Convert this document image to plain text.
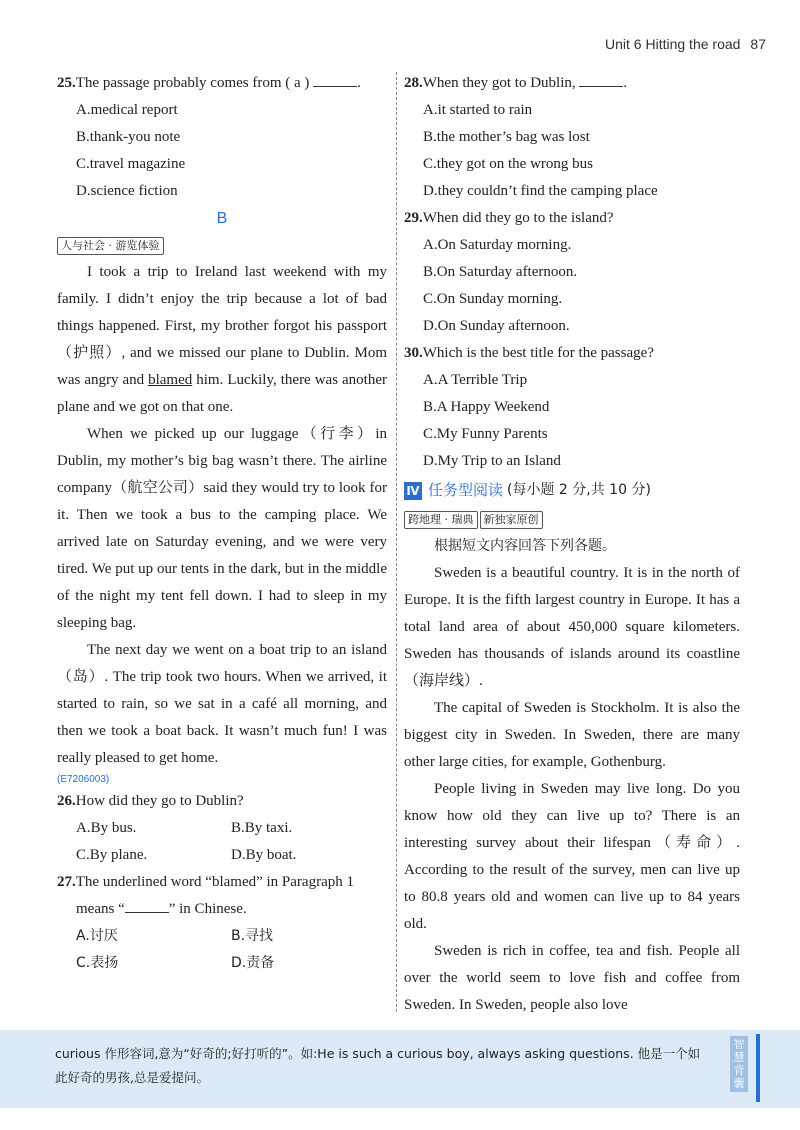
Unit 6 Hitting the road 87

25.The passage probably comes from ( a )	.

A.medical report

B.thank-you note

C.travel magazine

D.science fiction

B

人与社会 · 游览体验

I took a trip to Ireland last weekend with my family. I didn’t enjoy the trip because a lot of bad things happened. First, my brother forgot his passport（护照）, and we missed our plane to Dublin. Mom was angry and blamed him. Luckily, there was another plane and we got on that one.

When we picked up our luggage（行李）in Dublin, my mother’s big bag wasn’t there. The airline company（航空公司）said they would try to look for it. Then we took a bus to the camping place. We arrived late on Saturday evening, and we were very tired. We put up our tents in the dark, but in the middle of the night my tent fell down. I had to sleep in my sleeping bag.

The next day we went on a boat trip to an island（岛）. The trip took two hours. When we arrived, it started to rain, so we sat in a café all morning, and then we took a boat back. It wasn’t much fun! I was really pleased to get home.

(E7206003)

26.How did they go to Dublin?

A.By bus.	B.By taxi.
C.By plane.	D.By boat.

27.The underlined word “blamed” in Paragraph 1

means “	” in Chinese.

A.讨厌	B.寻找
C.表扬	D.责备

28.When they got to Dublin,	.

A.it started to rain

B.the mother’s bag was lost

C.they got on the wrong bus

D.they couldn’t find the camping place

29.When did they go to the island?

A.On Saturday morning.

B.On Saturday afternoon.

C.On Sunday morning.

D.On Sunday afternoon.

30.Which is the best title for the passage?

A.A Terrible Trip

B.A Happy Weekend

C.My Funny Parents

D.My Trip to an Island

Ⅳ 任务型阅读 (每小题 2 分,共 10 分)
跨地理 · 瑞典 新独家原创

根据短文内容回答下列各题。

Sweden is a beautiful country. It is in the north of Europe. It is the fifth largest country in Europe. It has a total land area of about 450,000 square kilometers. Sweden has thousands of islands around its coastline（海岸线）.

The capital of Sweden is Stockholm. It is also the biggest city in Sweden. In Sweden, there are many other large cities, for example, Gothenburg.

People living in Sweden may live long. Do you know how old they can live up to? There is an interesting survey about their lifespan（寿命）. According to the result of the survey, men can live up to 80.8 years old and women can live up to 84 years old.

Sweden is rich in coffee, tea and fish. People all over the world seem to love fish and coffee from Sweden. In Sweden, people also love

curious 作形容词,意为“好奇的;好打听的”。如:He is such a curious boy, always asking questions. 他是一个如此好奇的男孩,总是爱提问。
智慧背囊
